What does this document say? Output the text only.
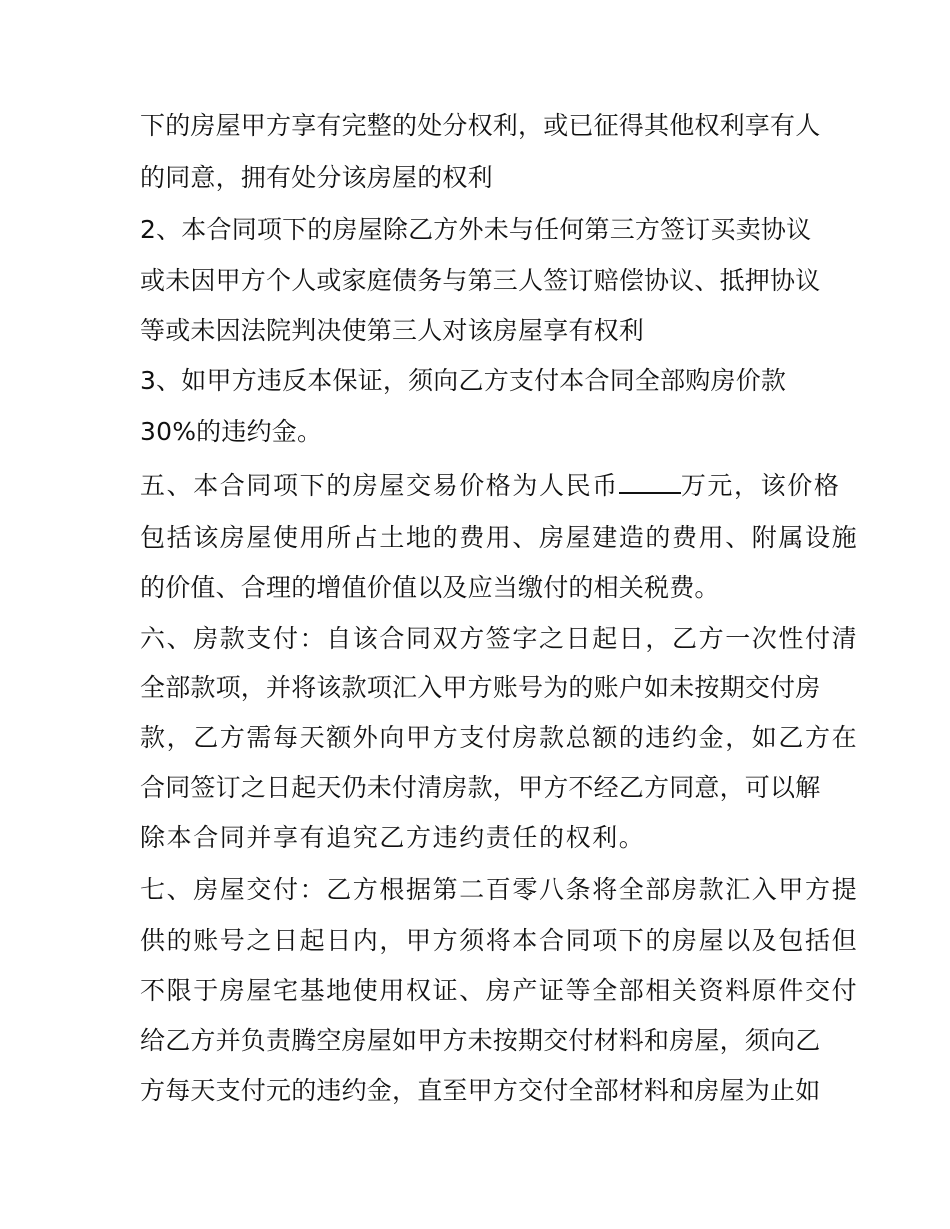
下的房屋甲方享有完整的处分权利，或已征得其他权利享有人
的同意，拥有处分该房屋的权利
2、本合同项下的房屋除乙方外未与任何第三方签订买卖协议
或未因甲方个人或家庭债务与第三人签订赔偿协议、抵押协议
等或未因法院判决使第三人对该房屋享有权利
3、如甲方违反本保证，须向乙方支付本合同全部购房价款
30%的违约金。
五、本合同项下的房屋交易价格为人民币 万元，该价格
包括该房屋使用所占土地的费用、房屋建造的费用、附属设施
的价值、合理的增值价值以及应当缴付的相关税费。
六、房款支付：自该合同双方签字之日起日，乙方一次性付清
全部款项，并将该款项汇入甲方账号为的账户如未按期交付房
款，乙方需每天额外向甲方支付房款总额的违约金，如乙方在
合同签订之日起天仍未付清房款，甲方不经乙方同意，可以解
除本合同并享有追究乙方违约责任的权利。
七、房屋交付：乙方根据第二百零八条将全部房款汇入甲方提
供的账号之日起日内，甲方须将本合同项下的房屋以及包括但
不限于房屋宅基地使用权证、房产证等全部相关资料原件交付
给乙方并负责腾空房屋如甲方未按期交付材料和房屋，须向乙
方每天支付元的违约金，直至甲方交付全部材料和房屋为止如
